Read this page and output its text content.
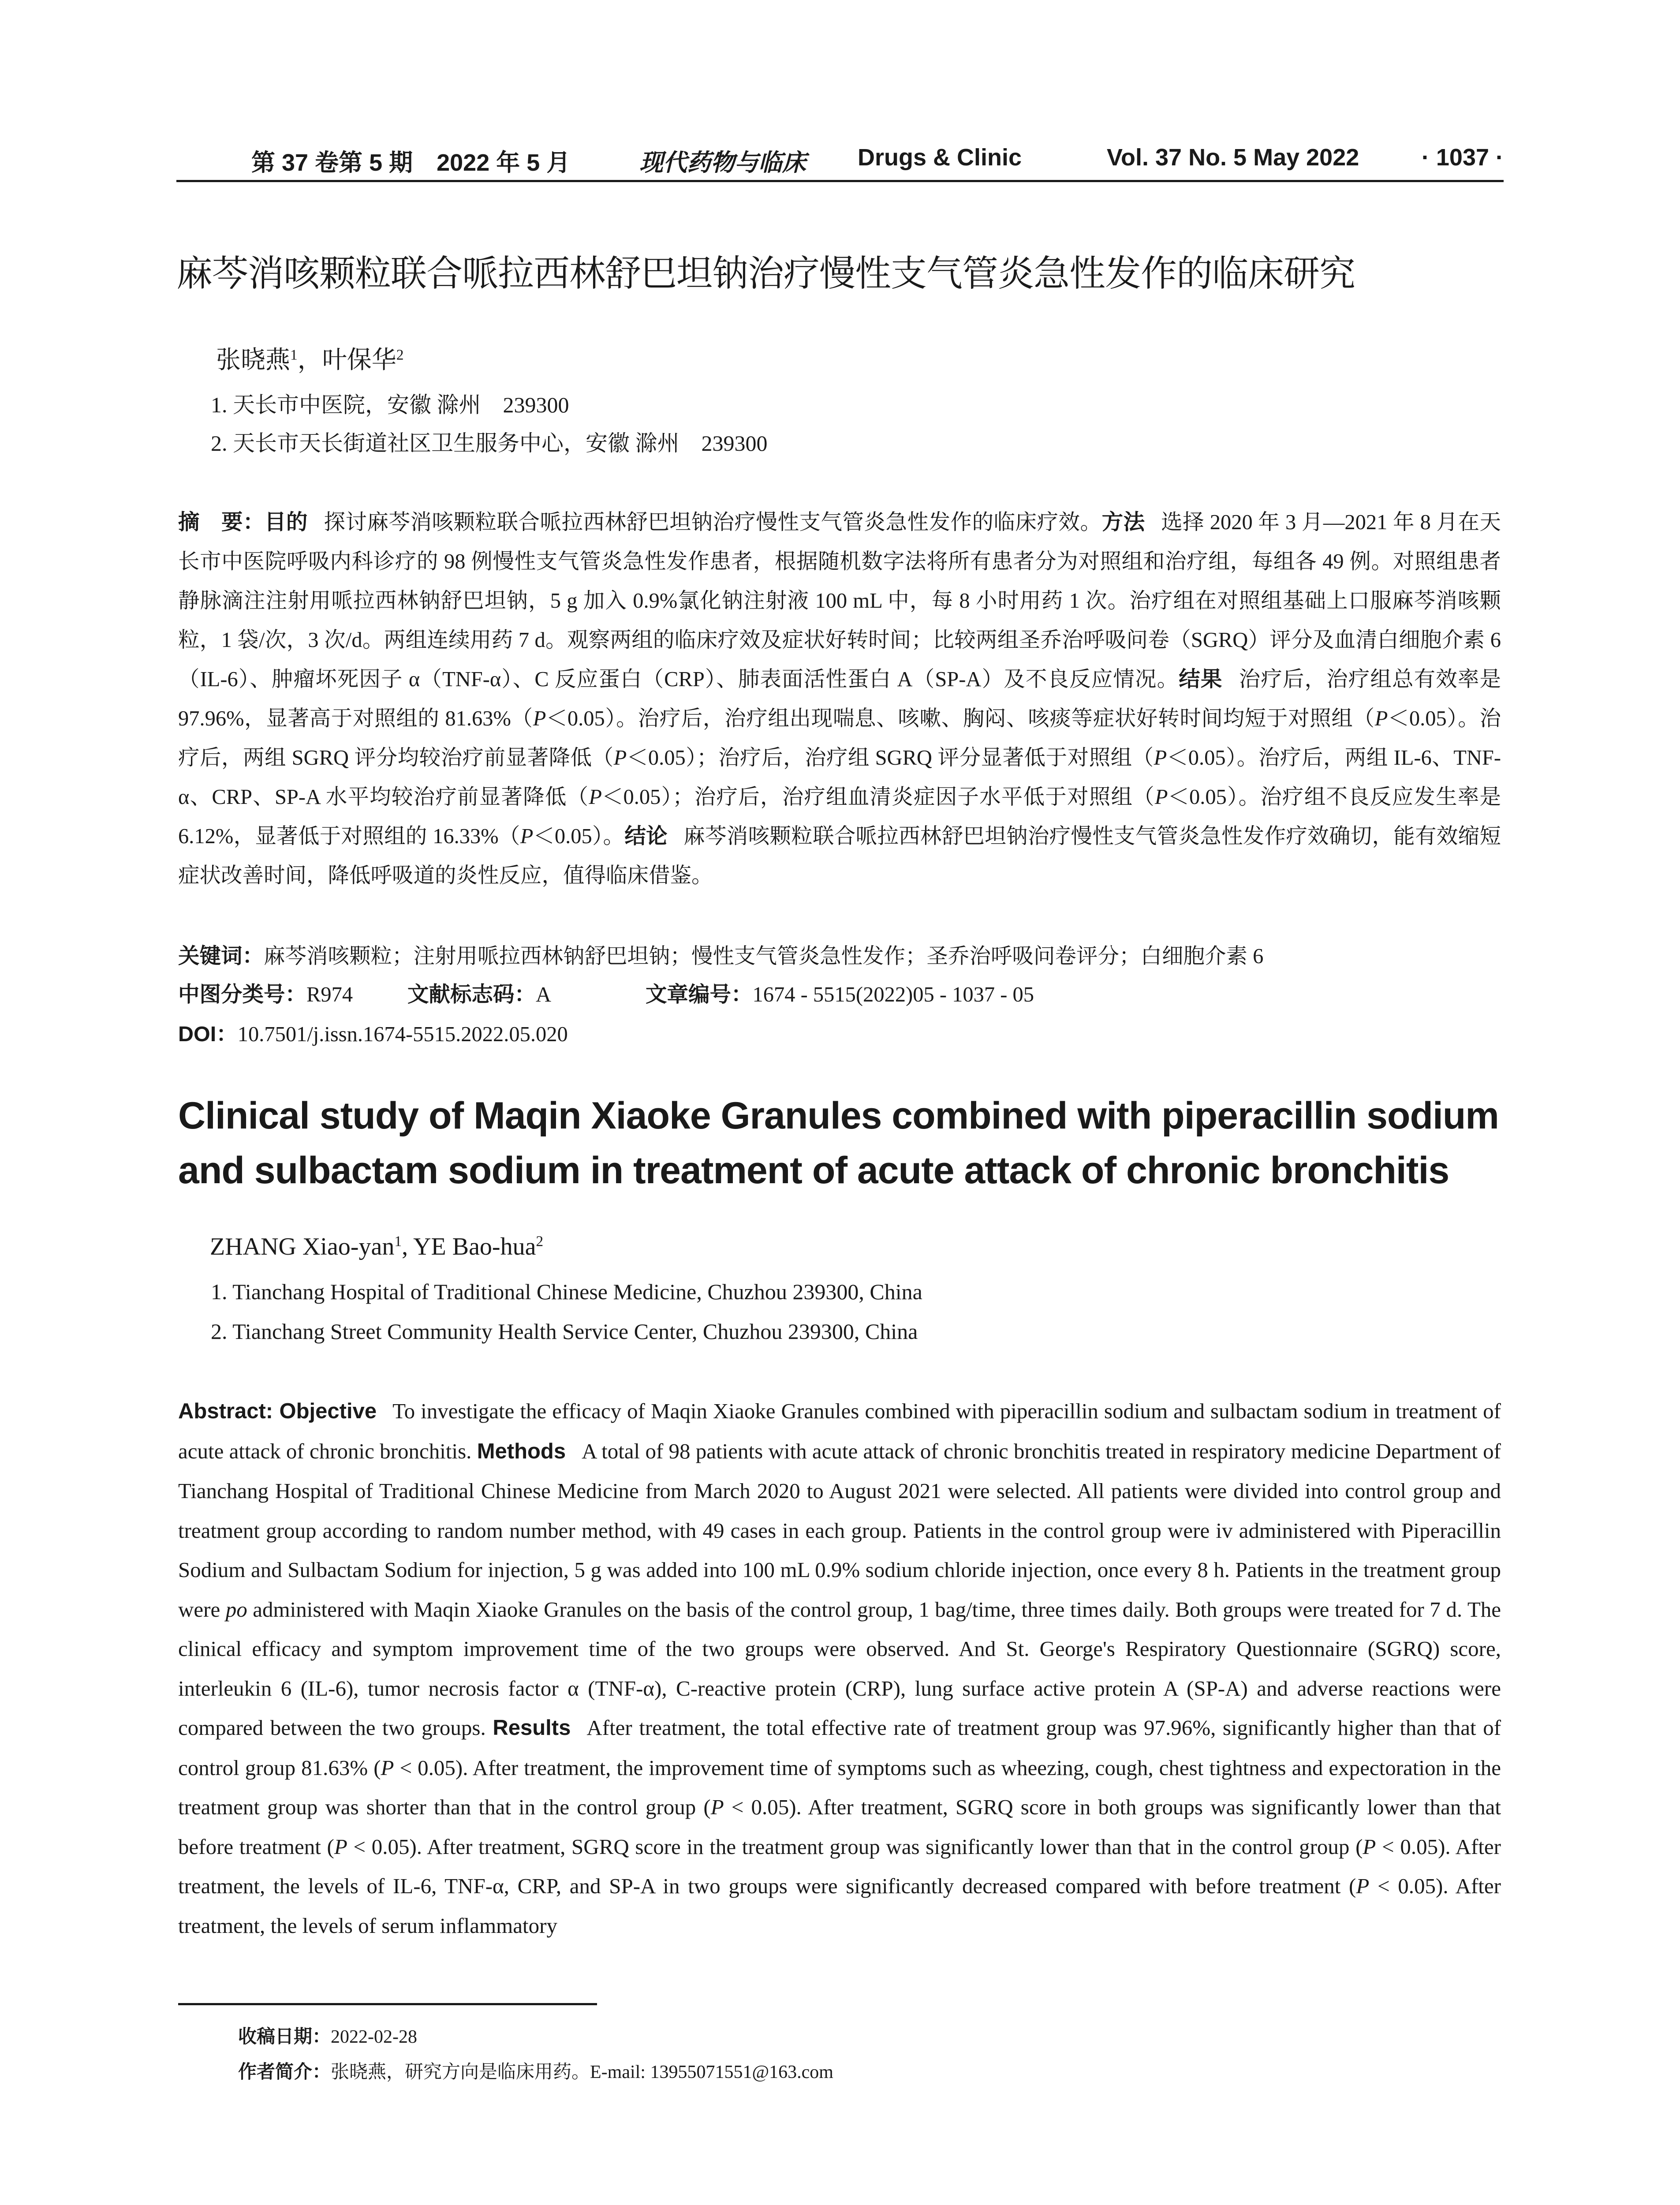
第 37 卷第 5 期　2022 年 5 月	现代药物与临床 Drugs & Clinic	Vol. 37 No. 5 May 2022	· 1037 ·
麻芩消咳颗粒联合哌拉西林舒巴坦钠治疗慢性支气管炎急性发作的临床研究
张晓燕$^1$，叶保华$^2$
1. 天长市中医院，安徽 滁州　239300
2. 天长市天长街道社区卫生服务中心，安徽 滁州　239300
摘　要：目的 探讨麻芩消咳颗粒联合哌拉西林舒巴坦钠治疗慢性支气管炎急性发作的临床疗效。方法 选择 2020 年 3 月—2021 年 8 月在天长市中医院呼吸内科诊疗的 98 例慢性支气管炎急性发作患者，根据随机数字法将所有患者分为对照组和治疗组，每组各 49 例。对照组患者静脉滴注注射用哌拉西林钠舒巴坦钠，5 g 加入 0.9%氯化钠注射液 100 mL 中，每 8 小时用药 1 次。治疗组在对照组基础上口服麻芩消咳颗粒，1 袋/次，3 次/d。两组连续用药 7 d。观察两组的临床疗效及症状好转时间；比较两组圣乔治呼吸问卷（SGRQ）评分及血清白细胞介素 6（IL-6）、肿瘤坏死因子 α（TNF-α）、C 反应蛋白（CRP）、肺表面活性蛋白 A（SP-A）及不良反应情况。结果 治疗后，治疗组总有效率是 97.96%，显著高于对照组的 81.63%（P＜0.05）。治疗后，治疗组出现喘息、咳嗽、胸闷、咳痰等症状好转时间均短于对照组（P＜0.05）。治疗后，两组 SGRQ 评分均较治疗前显著降低（P＜0.05）；治疗后，治疗组 SGRQ 评分显著低于对照组（P＜0.05）。治疗后，两组 IL-6、TNF-α、CRP、SP-A 水平均较治疗前显著降低（P＜0.05）；治疗后，治疗组血清炎症因子水平低于对照组（P＜0.05）。治疗组不良反应发生率是 6.12%，显著低于对照组的 16.33%（P＜0.05）。结论 麻芩消咳颗粒联合哌拉西林舒巴坦钠治疗慢性支气管炎急性发作疗效确切，能有效缩短症状改善时间，降低呼吸道的炎性反应，值得临床借鉴。
关键词：麻芩消咳颗粒；注射用哌拉西林钠舒巴坦钠；慢性支气管炎急性发作；圣乔治呼吸问卷评分；白细胞介素 6
中图分类号：R974	文献标志码：A	文章编号：1674 - 5515(2022)05 - 1037 - 05
DOI：10.7501/j.issn.1674-5515.2022.05.020
Clinical study of Maqin Xiaoke Granules combined with piperacillin sodium and sulbactam sodium in treatment of acute attack of chronic bronchitis
ZHANG Xiao-yan$^1$, YE Bao-hua$^2$
1. Tianchang Hospital of Traditional Chinese Medicine, Chuzhou 239300, China
2. Tianchang Street Community Health Service Center, Chuzhou 239300, China
Abstract: Objective To investigate the efficacy of Maqin Xiaoke Granules combined with piperacillin sodium and sulbactam sodium in treatment of acute attack of chronic bronchitis. Methods A total of 98 patients with acute attack of chronic bronchitis treated in respiratory medicine Department of Tianchang Hospital of Traditional Chinese Medicine from March 2020 to August 2021 were selected. All patients were divided into control group and treatment group according to random number method, with 49 cases in each group. Patients in the control group were iv administered with Piperacillin Sodium and Sulbactam Sodium for injection, 5 g was added into 100 mL 0.9% sodium chloride injection, once every 8 h. Patients in the treatment group were po administered with Maqin Xiaoke Granules on the basis of the control group, 1 bag/time, three times daily. Both groups were treated for 7 d. The clinical efficacy and symptom improvement time of the two groups were observed. And St. George's Respiratory Questionnaire (SGRQ) score, interleukin 6 (IL-6), tumor necrosis factor α (TNF-α), C-reactive protein (CRP), lung surface active protein A (SP-A) and adverse reactions were compared between the two groups. Results After treatment, the total effective rate of treatment group was 97.96%, significantly higher than that of control group 81.63% (P < 0.05). After treatment, the improvement time of symptoms such as wheezing, cough, chest tightness and expectoration in the treatment group was shorter than that in the control group (P < 0.05). After treatment, SGRQ score in both groups was significantly lower than that before treatment (P < 0.05). After treatment, SGRQ score in the treatment group was significantly lower than that in the control group (P < 0.05). After treatment, the levels of IL-6, TNF-α, CRP, and SP-A in two groups were significantly decreased compared with before treatment (P < 0.05). After treatment, the levels of serum inflammatory
收稿日期：2022-02-28
作者简介：张晓燕，研究方向是临床用药。E-mail: 13955071551@163.com
